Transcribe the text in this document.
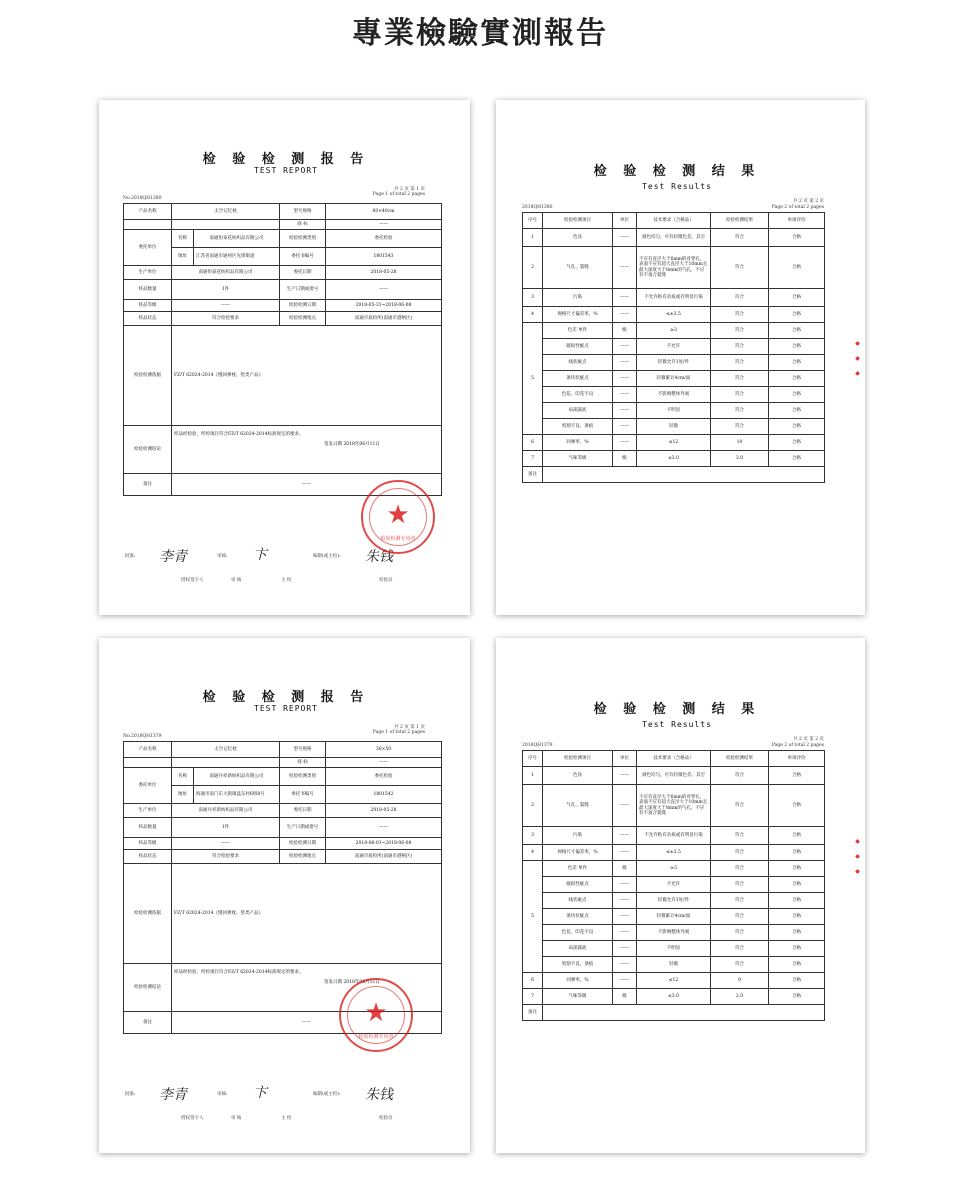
專業檢驗實測報告
检 验 检 测 报 告
TEST REPORT
共 2 页 第 1 页
Page 1 of total 2 pages
No.2018QH1380
产品名称	太空记忆枕		型号规格	60×40cm
			商 标	——
委托单位	名称	南通恒泰花纺织品有限公司	检验检测类别	委托检验
	地址	江苏省南通市通州区先锋街道	委托书编号	1801543
生产单位	南通恒泰花纺织品有限公司		委托日期	2018-05-28
样品数量	1件		生产日期或批号	——
样品等级	——		检验检测日期	2018-05-31~2018-06-08
样品状态	符合检验要求		检验检测地点	南通市质检所(南通市港闸区)
检验检测依据	FZ/T 62024-2014《慢回弹枕、垫类产品》			
检验检测结论	样品经检验，所检项目符合FZ/T 62024-2014标准规定的要求。

签发日期 2018年06月11日			
备注	——			
批准: 李青	审核: 卞	编制(或主检): 朱钱
授权签字人	审 核	主 检	检验员
★
检验检测专用章
检 验 检 测 结 果
Test Results
共 2 页 第 2 页
Page 2 of total 2 pages
2018QH1380
序号	检验检测项目	单位	技术要求（合格品）	检验检测结果	单项评价
1	色泽	——	颜色均匀，可有轻微色差、其否	符合	合格
2	气孔、裂缝	——	不应有直径大于6mm的对穿孔，表面不应有超大直径大于10mm且最大深度大于8mm的气孔，不应有不备合裂缝	符合	合格
3	污染	——	不允许粘有杂质或有明显污染	符合	合格
4	规格尺寸偏差率，%	——	≤±3.5	符合	合格
5	色差 单件	级	≥3	符合	合格
	破损性疵点	——	不允许	符合	合格
	线状疵点	——	轻微允许1处/件	符合	合格
	条块状疵点	——	轻微累计4cm/面	符合	合格
	色花、印花不良	——	不影响整体外观	符合	合格
	局部露底	——	不明显	符合	合格
	剪割不良、条痕	——	轻微	符合	合格
6	回弹率，%	——	≤12	10	合格
7	气味等级	级	≤3.0	3.0	合格
备注					
◆ ◆ ◆
检 验 检 测 报 告
TEST REPORT
共 2 页 第 1 页
Page 1 of total 2 pages
No.2018QH1379
产品名称	太空记忆枕		型号规格	30×50
			商 标	——
委托单位	名称	南通丹祥新纺织品有限公司	检验检测类别	委托检验
	地址	海通市南门东大街镇盘东村6组8号	委托书编号	1801542
生产单位	南通丹祥新纺织品有限公司		委托日期	2018-05-28
样品数量	1件		生产日期或批号	——
样品等级	——		检验检测日期	2018-06-01~2018-06-08
样品状态	符合检验要求		检验检测地点	南通市质检所(南通市港闸区)
检验检测依据	FZ/T 62024-2014《慢回弹枕、垫类产品》			
检验检测结论	样品经检验，所检项目符合FZ/T 62024-2014标准规定的要求。

签发日期 2018年06月11日			
备注	——			
批准: 李青	审核: 卞	编制(或主检): 朱钱
授权签字人	审 核	主 检	检验员
★
检验检测专用章
检 验 检 测 结 果
Test Results
共 2 页 第 2 页
Page 2 of total 2 pages
2018QH1379
序号	检验检测项目	单位	技术要求（合格品）	检验检测结果	单项评价
1	色泽	——	颜色均匀，可有轻微色差、其否	符合	合格
2	气孔、裂缝	——	不应有直径大于6mm的对穿孔，表面不应有超大直径大于10mm且最大深度大于8mm的气孔，不应有不备合裂缝	符合	合格
3	污染	——	不允许粘有杂质或有明显污染	符合	合格
4	规格尺寸偏差率，%	——	≤±3.5	符合	合格
5	色差 单件	级	≥3	符合	合格
	破损性疵点	——	不允许	符合	合格
	线状疵点	——	轻微允许1处/件	符合	合格
	条块状疵点	——	轻微累计4cm/面	符合	合格
	色花、印花不良	——	不影响整体外观	符合	合格
	局部露底	——	不明显	符合	合格
	剪割不良、条痕	——	轻微	符合	合格
6	回弹率，%	——	≤12	9	合格
7	气味等级	级	≤3.0	2.0	合格
备注					
◆ ◆ ◆
